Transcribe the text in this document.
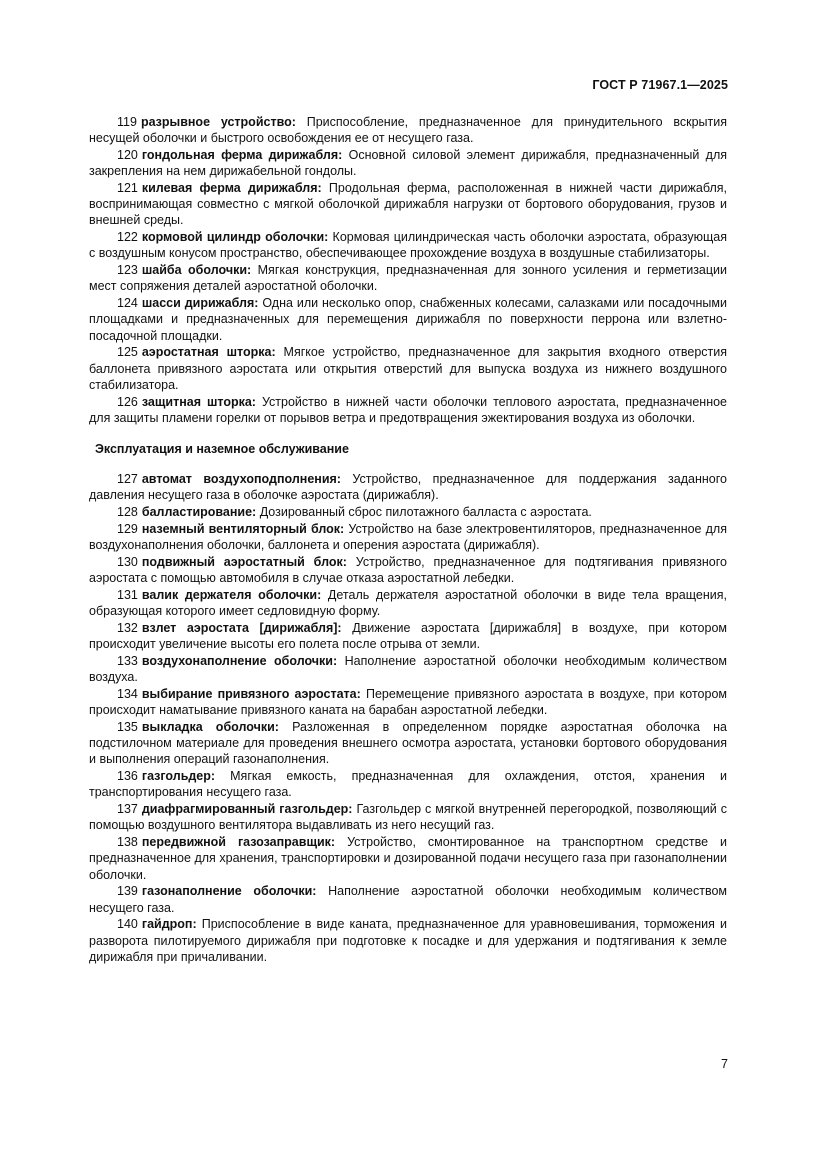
ГОСТ Р 71967.1—2025

119 разрывное устройство: Приспособление, предназначенное для принудительного вскрытия несущей оболочки и быстрого освобождения ее от несущего газа.

120 гондольная ферма дирижабля: Основной силовой элемент дирижабля, предназначенный для закрепления на нем дирижабельной гондолы.

121 килевая ферма дирижабля: Продольная ферма, расположенная в нижней части дирижабля, воспринимающая совместно с мягкой оболочкой дирижабля нагрузки от бортового оборудования, грузов и внешней среды.

122 кормовой цилиндр оболочки: Кормовая цилиндрическая часть оболочки аэростата, образующая с воздушным конусом пространство, обеспечивающее прохождение воздуха в воздушные стабилизаторы.

123 шайба оболочки: Мягкая конструкция, предназначенная для зонного усиления и герметизации мест сопряжения деталей аэростатной оболочки.

124 шасси дирижабля: Одна или несколько опор, снабженных колесами, салазками или посадочными площадками и предназначенных для перемещения дирижабля по поверхности перрона или взлетно-посадочной площадки.

125 аэростатная шторка: Мягкое устройство, предназначенное для закрытия входного отверстия баллонета привязного аэростата или открытия отверстий для выпуска воздуха из нижнего воздушного стабилизатора.

126 защитная шторка: Устройство в нижней части оболочки теплового аэростата, предназначенное для защиты пламени горелки от порывов ветра и предотвращения эжектирования воздуха из оболочки.

Эксплуатация и наземное обслуживание

127 автомат воздухоподполнения: Устройство, предназначенное для поддержания заданного давления несущего газа в оболочке аэростата (дирижабля).

128 балластирование: Дозированный сброс пилотажного балласта с аэростата.

129 наземный вентиляторный блок: Устройство на базе электровентиляторов, предназначенное для воздухонаполнения оболочки, баллонета и оперения аэростата (дирижабля).

130 подвижный аэростатный блок: Устройство, предназначенное для подтягивания привязного аэростата с помощью автомобиля в случае отказа аэростатной лебедки.

131 валик держателя оболочки: Деталь держателя аэростатной оболочки в виде тела вращения, образующая которого имеет седловидную форму.

132 взлет аэростата [дирижабля]: Движение аэростата [дирижабля] в воздухе, при котором происходит увеличение высоты его полета после отрыва от земли.

133 воздухонаполнение оболочки: Наполнение аэростатной оболочки необходимым количеством воздуха.

134 выбирание привязного аэростата: Перемещение привязного аэростата в воздухе, при котором происходит наматывание привязного каната на барабан аэростатной лебедки.

135 выкладка оболочки: Разложенная в определенном порядке аэростатная оболочка на подстилочном материале для проведения внешнего осмотра аэростата, установки бортового оборудования и выполнения операций газонаполнения.

136 газгольдер: Мягкая емкость, предназначенная для охлаждения, отстоя, хранения и транспортирования несущего газа.

137 диафрагмированный газгольдер: Газгольдер с мягкой внутренней перегородкой, позволяющий с помощью воздушного вентилятора выдавливать из него несущий газ.

138 передвижной газозаправщик: Устройство, смонтированное на транспортном средстве и предназначенное для хранения, транспортировки и дозированной подачи несущего газа при газонаполнении оболочки.

139 газонаполнение оболочки: Наполнение аэростатной оболочки необходимым количеством несущего газа.

140 гайдроп: Приспособление в виде каната, предназначенное для уравновешивания, торможения и разворота пилотируемого дирижабля при подготовке к посадке и для удержания и подтягивания к земле дирижабля при причаливании.

7
